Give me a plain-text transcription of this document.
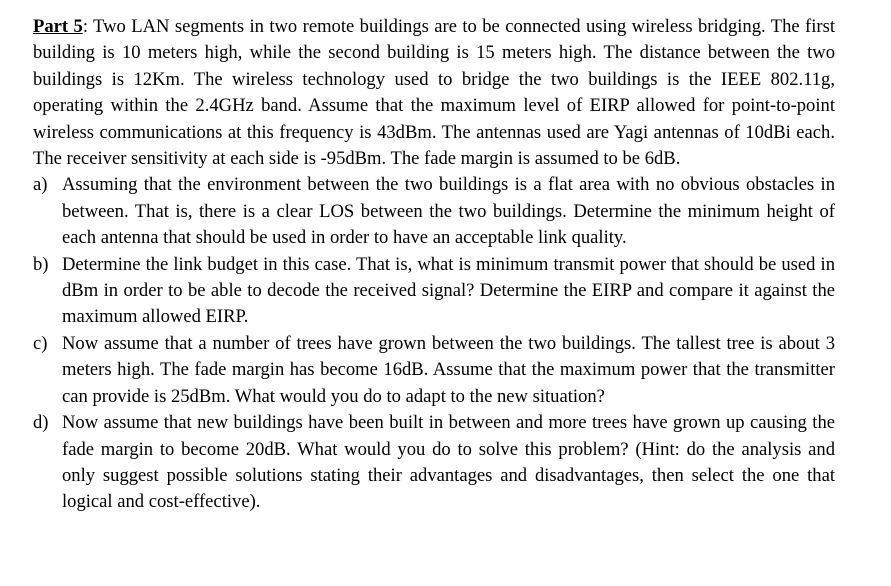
Part 5: Two LAN segments in two remote buildings are to be connected using wireless bridging. The first building is 10 meters high, while the second building is 15 meters high. The distance between the two buildings is 12Km. The wireless technology used to bridge the two buildings is the IEEE 802.11g, operating within the 2.4GHz band. Assume that the maximum level of EIRP allowed for point-to-point wireless communications at this frequency is 43dBm. The antennas used are Yagi antennas of 10dBi each. The receiver sensitivity at each side is -95dBm. The fade margin is assumed to be 6dB.

a) Assuming that the environment between the two buildings is a flat area with no obvious obstacles in between. That is, there is a clear LOS between the two buildings. Determine the minimum height of each antenna that should be used in order to have an acceptable link quality.
b) Determine the link budget in this case. That is, what is minimum transmit power that should be used in dBm in order to be able to decode the received signal? Determine the EIRP and compare it against the maximum allowed EIRP.
c) Now assume that a number of trees have grown between the two buildings. The tallest tree is about 3 meters high. The fade margin has become 16dB. Assume that the maximum power that the transmitter can provide is 25dBm. What would you do to adapt to the new situation?
d) Now assume that new buildings have been built in between and more trees have grown up causing the fade margin to become 20dB. What would you do to solve this problem? (Hint: do the analysis and only suggest possible solutions stating their advantages and disadvantages, then select the one that logical and cost-effective).
